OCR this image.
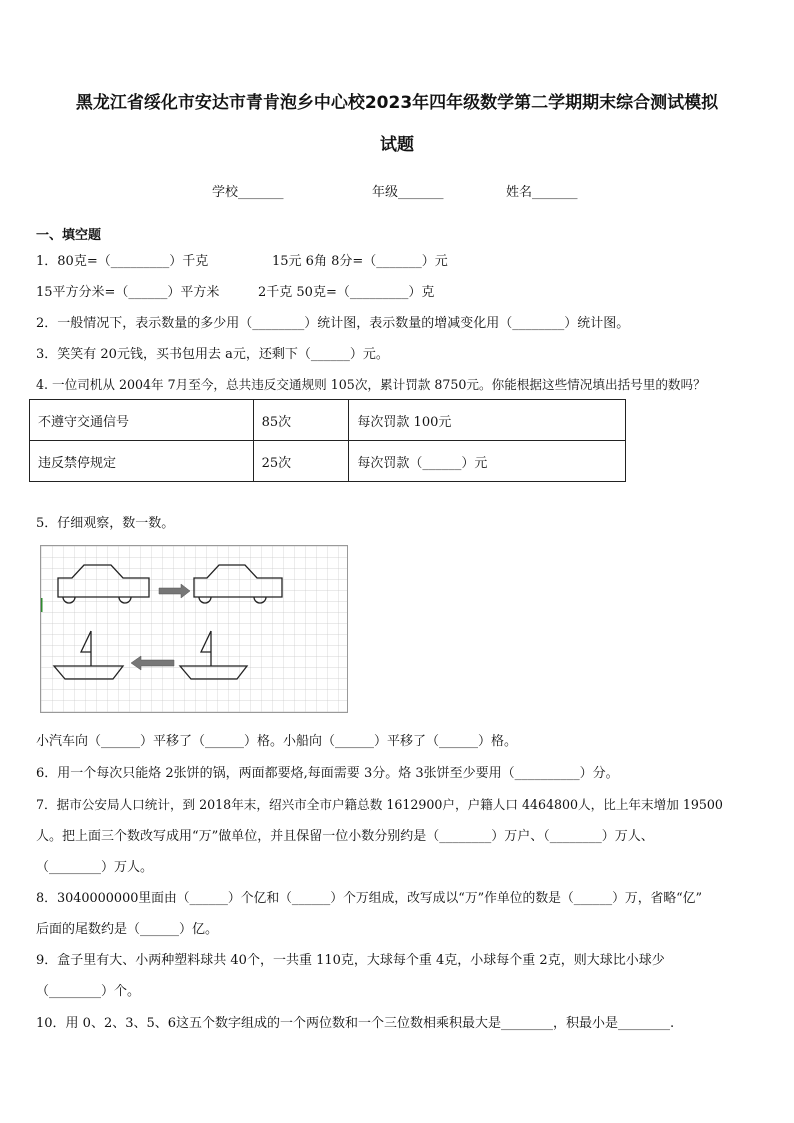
黑龙江省绥化市安达市青肯泡乡中心校2023年四年级数学第二学期期末综合测试模拟
试题
学校_______	年级_______	姓名_______
一、填空题
1．80克=（_________）千克	15元 6角 8分=（_______）元
15平方分米=（______）平方米	2千克 50克=（_________）克
2．一般情况下，表示数量的多少用（________）统计图，表示数量的增减变化用（________）统计图。
3．笑笑有 20元钱，买书包用去 a元，还剩下（______）元。
4. 一位司机从 2004年 7月至今，总共违反交通规则 105次，累计罚款 8750元。你能根据这些情况填出括号里的数吗？
不遵守交通信号	85次	每次罚款 100元
违反禁停规定	25次	每次罚款（______）元
5．仔细观察，数一数。
小汽车向（______）平移了（______）格。小船向（______）平移了（______）格。
6．用一个每次只能烙 2张饼的锅，两面都要烙,每面需要 3分。烙 3张饼至少要用（__________）分。
7．据市公安局人口统计，到 2018年末，绍兴市全市户籍总数 1612900户，户籍人口 4464800人，比上年末增加 19500
人。把上面三个数改写成用“万”做单位，并且保留一位小数分别约是（________）万户、（________）万人、
（________）万人。
8．3040000000里面由（______）个亿和（______）个万组成，改写成以“万”作单位的数是（______）万，省略“亿”
后面的尾数约是（______）亿。
9．盒子里有大、小两种塑料球共 40个，一共重 110克，大球每个重 4克，小球每个重 2克，则大球比小球少
（________）个。
10．用 0、2、3、5、6这五个数字组成的一个两位数和一个三位数相乘积最大是________，积最小是________.
